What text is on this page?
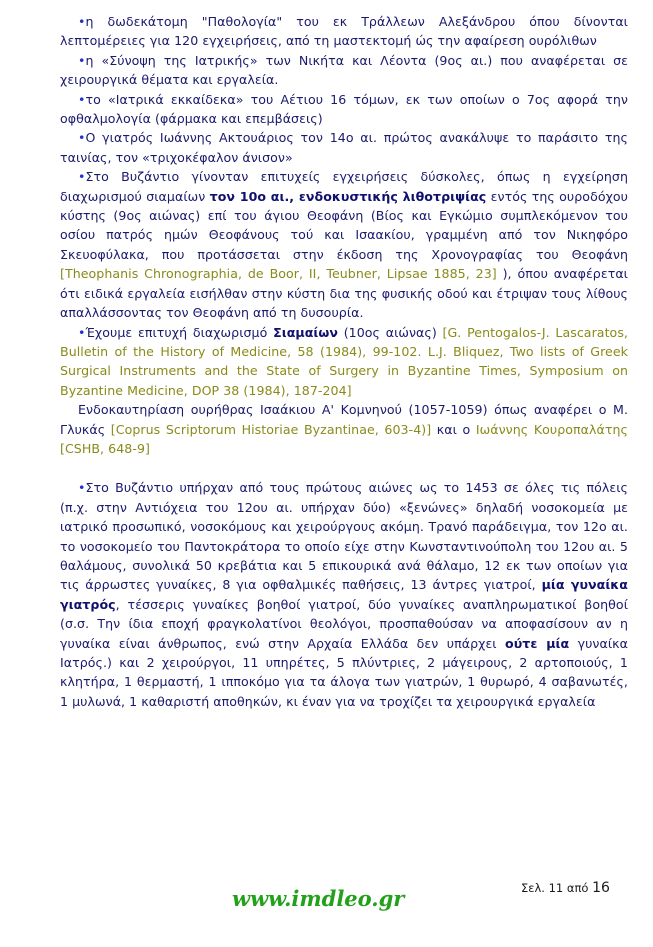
•η δωδεκάτομη "Παθολογία" του εκ Τράλλεων Αλεξάνδρου όπου δίνονται λεπτομέρειες για 120 εγχειρήσεις, από τη μαστεκτομή ώς την αφαίρεση ουρόλιθων

•η «Σύνοψη της Ιατρικής» των Νικήτα και Λέοντα (9ος αι.) που αναφέρεται σε χειρουργικά θέματα και εργαλεία.

•το «Ιατρικά εκκαίδεκα» του Αέτιου 16 τόμων, εκ των οποίων ο 7ος αφορά την οφθαλμολογία (φάρμακα και επεμβάσεις)

•Ο γιατρός Ιωάννης Ακτουάριος τον 14ο αι. πρώτος ανακάλυψε το παράσιτο της ταινίας, τον «τριχοκέφαλον άνισον»

•Στο Βυζάντιο γίνονταν επιτυχείς εγχειρήσεις δύσκολες, όπως η εγχείρηση διαχωρισμού σιαμαίων τον 10ο αι., ενδοκυστικής λιθοτριψίας εντός της ουροδόχου κύστης (9ος αιώνας) επί του άγιου Θεοφάνη (Βίος και Εγκώμιο συμπλεκόμενον του οσίου πατρός ημών Θεοφάνους τού και Ισαακίου, γραμμένη από τον Νικηφόρο Σκευοφύλακα, που προτάσσεται στην έκδοση της Χρονογραφίας του Θεοφάνη [Theophanis Chronographia, de Boor, II, Teubner, Lipsae 1885, 23] ), όπου αναφέρεται ότι ειδικά εργαλεία εισήλθαν στην κύστη δια της φυσικής οδού και έτριψαν τους λίθους απαλλάσσοντας τον Θεοφάνη από τη δυσουρία.

•Έχουμε επιτυχή διαχωρισμό Σιαμαίων (10ος αιώνας) [G. Pentogalos-J. Lascaratos, Bulletin of the History of Medicine, 58 (1984), 99-102. L.J. Bliquez, Two lists of Greek Surgical Instruments and the State of Surgery in Byzantine Times, Symposium on Byzantine Medicine, DOP 38 (1984), 187-204]

Ενδοκαυτηρίαση ουρήθρας Ισαάκιου Α' Κομνηνού (1057-1059) όπως αναφέρει ο Μ. Γλυκάς [Coprus Scriptorum Historiae Byzantinae, 603-4)] και ο Ιωάννης Κουροπαλάτης [CSHB, 648-9]

•Στο Βυζάντιο υπήρχαν από τους πρώτους αιώνες ως το 1453 σε όλες τις πόλεις (π.χ. στην Αντιόχεια του 12ου αι. υπήρχαν δύο) «ξενώνες» δηλαδή νοσοκομεία με ιατρικό προσωπικό, νοσοκόμους και χειρούργους ακόμη. Τρανό παράδειγμα, τον 12ο αι. το νοσοκομείο του Παντοκράτορα το οποίο είχε στην Κωνσταντινούπολη του 12ου αι. 5 θαλάμους, συνολικά 50 κρεβάτια και 5 επικουρικά ανά θάλαμο, 12 εκ των οποίων για τις άρρωστες γυναίκες, 8 για οφθαλμικές παθήσεις, 13 άντρες γιατροί, μία γυναίκα γιατρός, τέσσερις γυναίκες βοηθοί γιατροί, δύο γυναίκες αναπληρωματικοί βοηθοί (σ.σ. Την ίδια εποχή φραγκολατίνοι θεολόγοι, προσπαθούσαν να αποφασίσουν αν η γυναίκα είναι άνθρωπος, ενώ στην Αρχαία Ελλάδα δεν υπάρχει ούτε μία γυναίκα Ιατρός.) και 2 χειρούργοι, 11 υπηρέτες, 5 πλύντριες, 2 μάγειρους, 2 αρτοποιούς, 1 κλητήρα, 1 θερμαστή, 1 ιπποκόμο για τα άλογα των γιατρών, 1 θυρωρό, 4 σαβανωτές, 1 μυλωνά, 1 καθαριστή αποθηκών, κι έναν για να τροχίζει τα χειρουργικά εργαλεία

www.imdleo.gr	Σελ. 11 από 16
